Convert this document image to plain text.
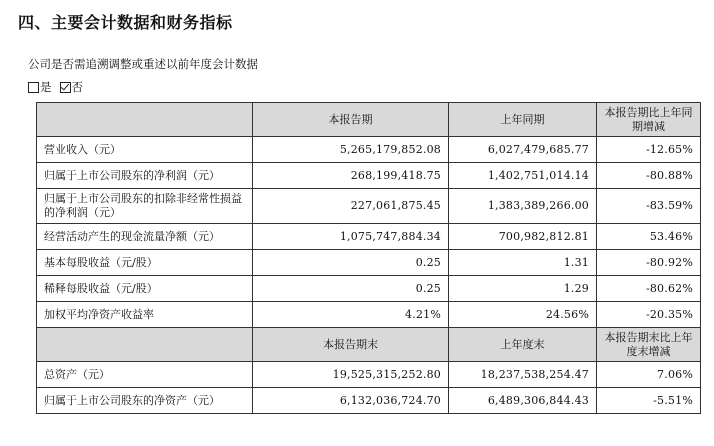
四、主要会计数据和财务指标
公司是否需追溯调整或重述以前年度会计数据
是 否
	本报告期	上年同期	本报告期比上年同期增减
营业收入（元）	5,265,179,852.08	6,027,479,685.77	-12.65%
归属于上市公司股东的净利润（元）	268,199,418.75	1,402,751,014.14	-80.88%
归属于上市公司股东的扣除非经常性损益的净利润（元）	227,061,875.45	1,383,389,266.00	-83.59%
经营活动产生的现金流量净额（元）	1,075,747,884.34	700,982,812.81	53.46%
基本每股收益（元/股）	0.25	1.31	-80.92%
稀释每股收益（元/股）	0.25	1.29	-80.62%
加权平均净资产收益率	4.21%	24.56%	-20.35%
	本报告期末	上年度末	本报告期末比上年度末增减
总资产（元）	19,525,315,252.80	18,237,538,254.47	7.06%
归属于上市公司股东的净资产（元）	6,132,036,724.70	6,489,306,844.43	-5.51%
